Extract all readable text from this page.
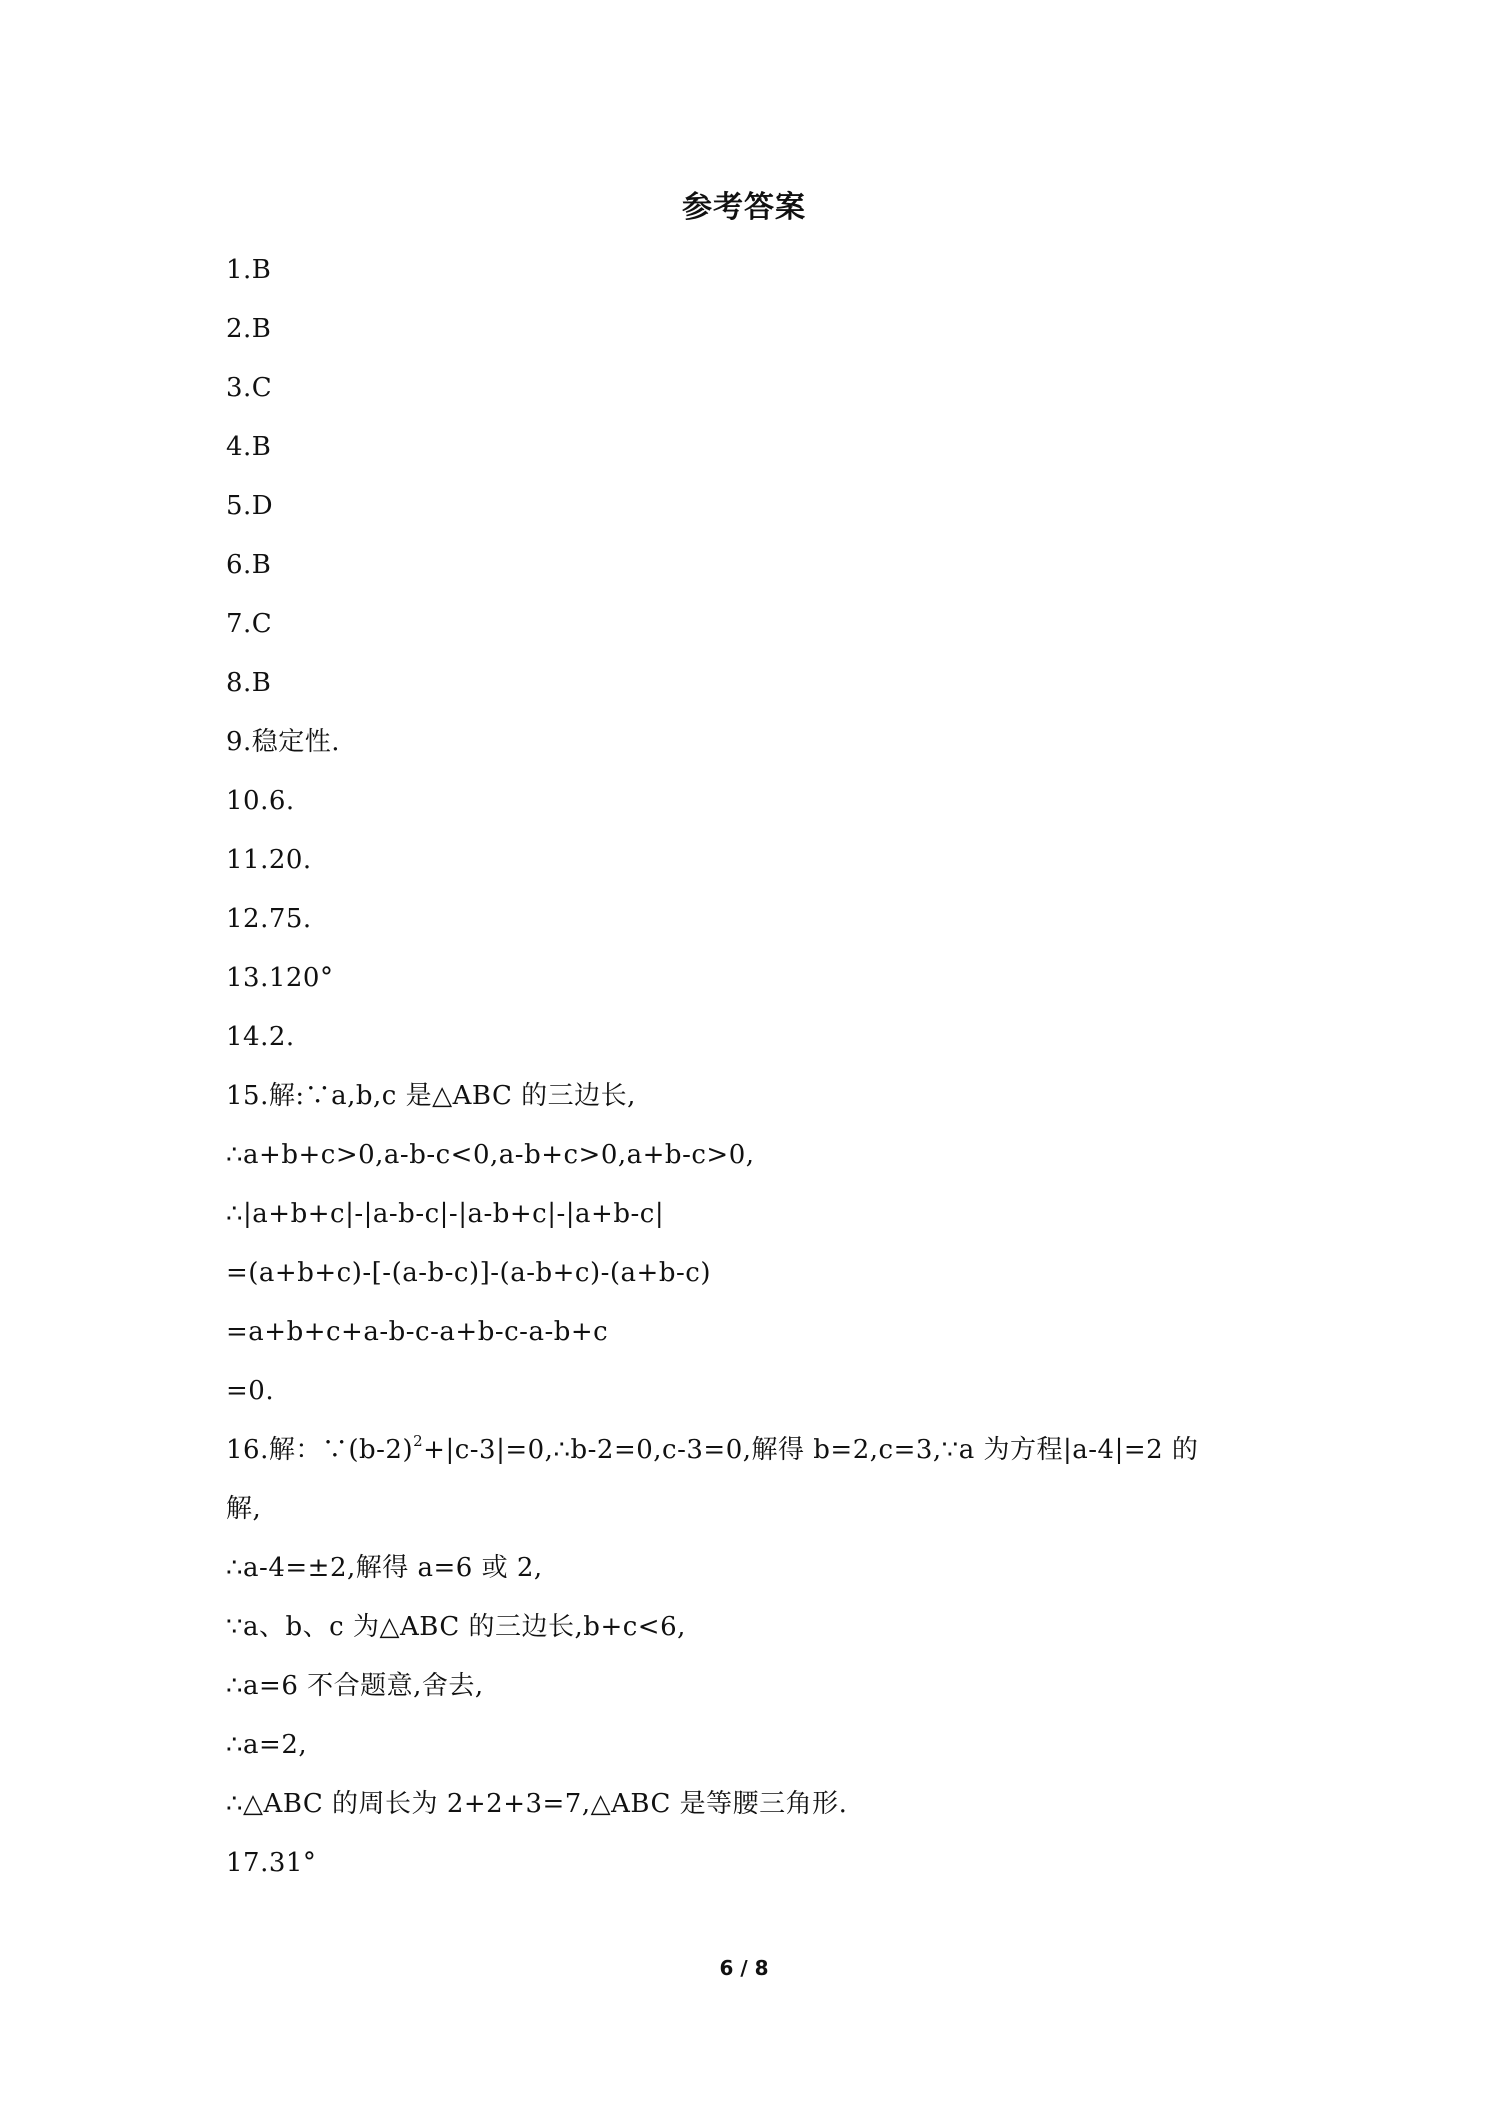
参考答案
1.B
2.B
3.C
4.B
5.D
6.B
7.C
8.B
9.稳定性.
10.6.
11.20.
12.75.
13.120°
14.2.
15.解:∵a,b,c 是△ABC 的三边长,
∴a+b+c>0,a-b-c<0,a-b+c>0,a+b-c>0,
∴|a+b+c|-|a-b-c|-|a-b+c|-|a+b-c|
=(a+b+c)-[-(a-b-c)]-(a-b+c)-(a+b-c)
=a+b+c+a-b-c-a+b-c-a-b+c
=0.
16.解：$\because(b-2)^2+|c-3|=0,\therefore b-2=0,c-3=0$,解得 b=2,c=3,∵a 为方程|a-4|=2 的
解,
∴a-4=±2,解得 a=6 或 2,
∵a、b、c 为△ABC 的三边长,b+c<6,
∴a=6 不合题意,舍去,
∴a=2,
∴△ABC 的周长为 2+2+3=7,△ABC 是等腰三角形.
17.31°
6 / 8
